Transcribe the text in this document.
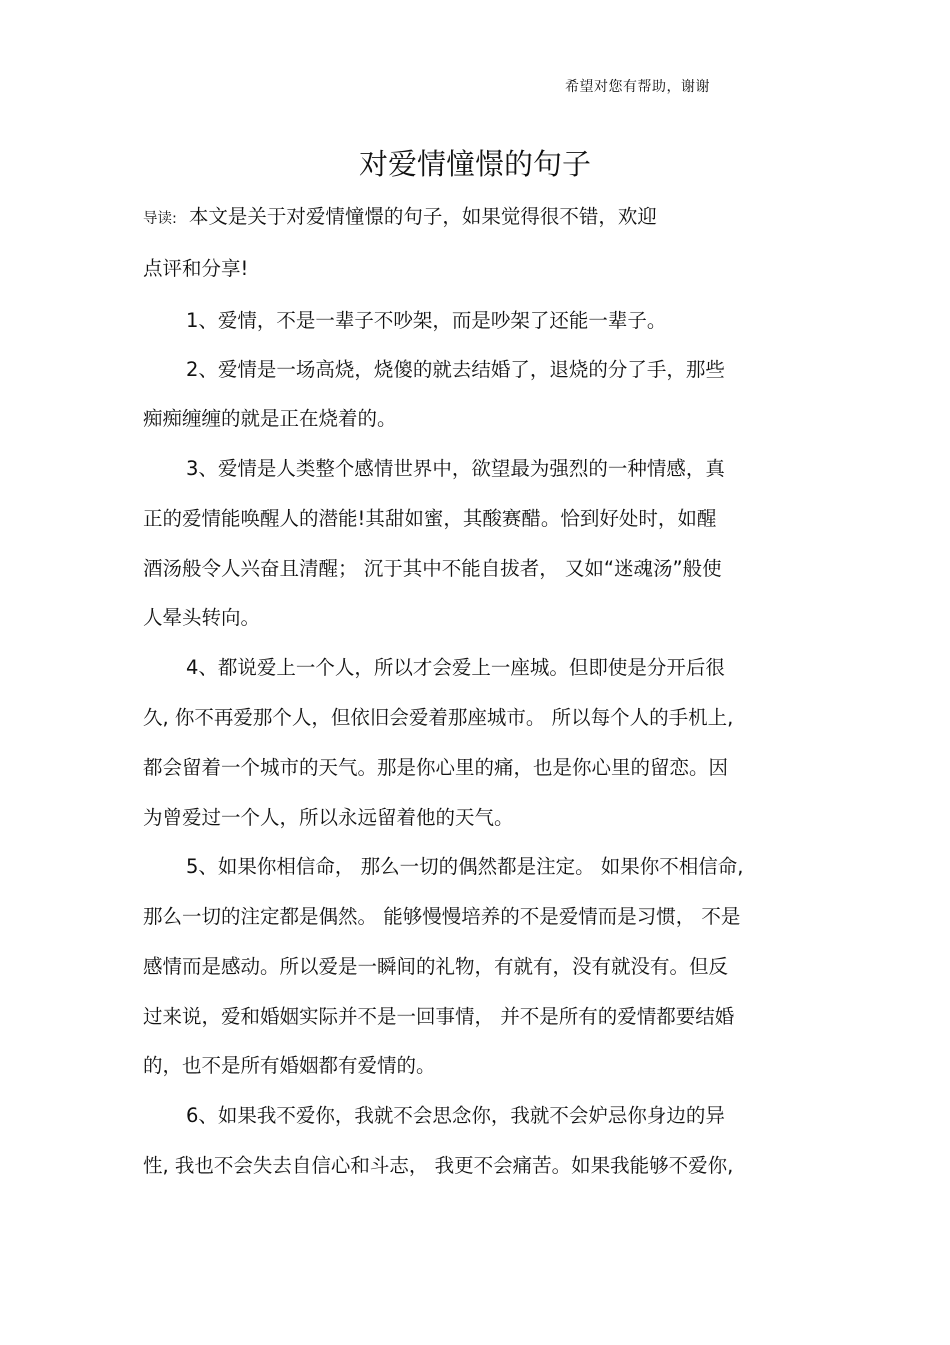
希望对您有帮助，谢谢
对爱情憧憬的句子
导读: 本文是关于对爱情憧憬的句子，如果觉得很不错，欢迎
点评和分享!
1、爱情，不是一辈子不吵架，而是吵架了还能一辈子。
2、爱情是一场高烧，烧傻的就去结婚了，退烧的分了手，那些
痴痴缠缠的就是正在烧着的。
3、爱情是人类整个感情世界中，欲望最为强烈的一种情感，真
正的爱情能唤醒人的潜能!其甜如蜜，其酸赛醋。恰到好处时，如醒
酒汤般令人兴奋且清醒； 沉于其中不能自拔者， 又如“迷魂汤”般使
人晕头转向。
4、都说爱上一个人，所以才会爱上一座城。但即使是分开后很
久, 你不再爱那个人，但依旧会爱着那座城市。 所以每个人的手机上,
都会留着一个城市的天气。那是你心里的痛，也是你心里的留恋。因
为曾爱过一个人，所以永远留着他的天气。
5、如果你相信命， 那么一切的偶然都是注定。 如果你不相信命,
那么一切的注定都是偶然。 能够慢慢培养的不是爱情而是习惯， 不是
感情而是感动。所以爱是一瞬间的礼物，有就有，没有就没有。但反
过来说，爱和婚姻实际并不是一回事情， 并不是所有的爱情都要结婚
的，也不是所有婚姻都有爱情的。
6、如果我不爱你，我就不会思念你，我就不会妒忌你身边的异
性, 我也不会失去自信心和斗志， 我更不会痛苦。如果我能够不爱你,
